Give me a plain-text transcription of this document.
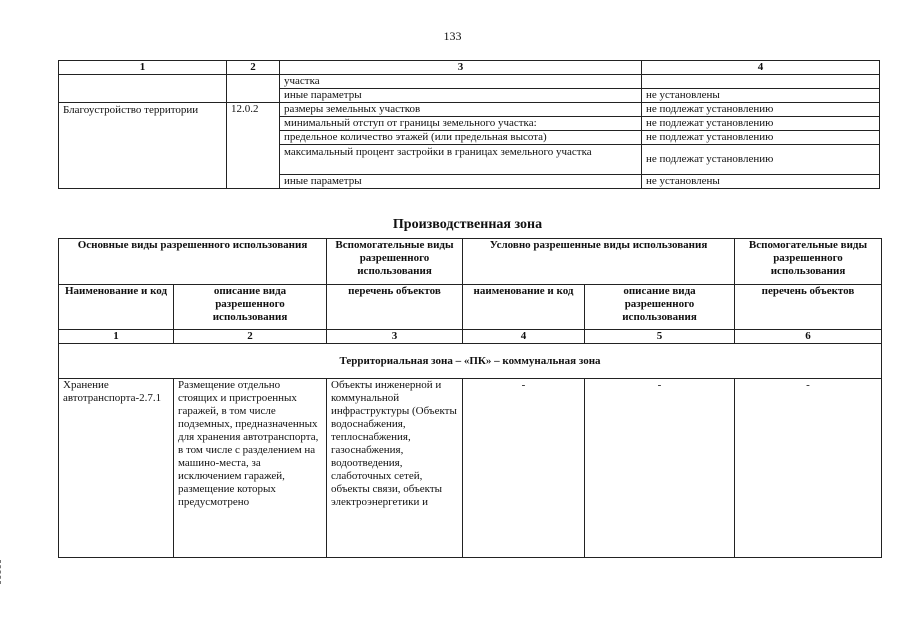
133
1	2	3	4
		участка	
		иные параметры	не установлены
Благоустройство территории	12.0.2	размеры земельных участков	не подлежат установлению
		минимальный отступ от границы земельного участка:	не подлежат установлению
		предельное количество этажей (или предельная высота)	не подлежат установлению
		максимальный процент застройки в границах земельного участка	не подлежат установлению
		иные параметры	не установлены
Производственная зона
Основные виды разрешенного использования		Вспомогательные виды разрешенного использования	Условно разрешенные виды использования		Вспомогательные виды разрешенного использования
Наименование и код	описание вида разрешенного использования	перечень объектов	наименование и код	описание вида разрешенного использования	перечень объектов
1	2	3	4	5	6
Территориальная зона – «ПК» – коммунальная зона					
Хранение автотранспорта-2.7.1	Размещение отдельно стоящих и пристроенных гаражей, в том числе подземных, предназначенных для хранения автотранспорта, в том числе с разделением на машино-места, за исключением гаражей, размещение которых предусмотрено	Объекты инженерной и коммунальной инфраструктуры (Объекты водоснабжения, теплоснабжения, газоснабжения, водоотведения, слаботочных сетей, объекты связи, объекты электроэнергетики и	-	-	-
